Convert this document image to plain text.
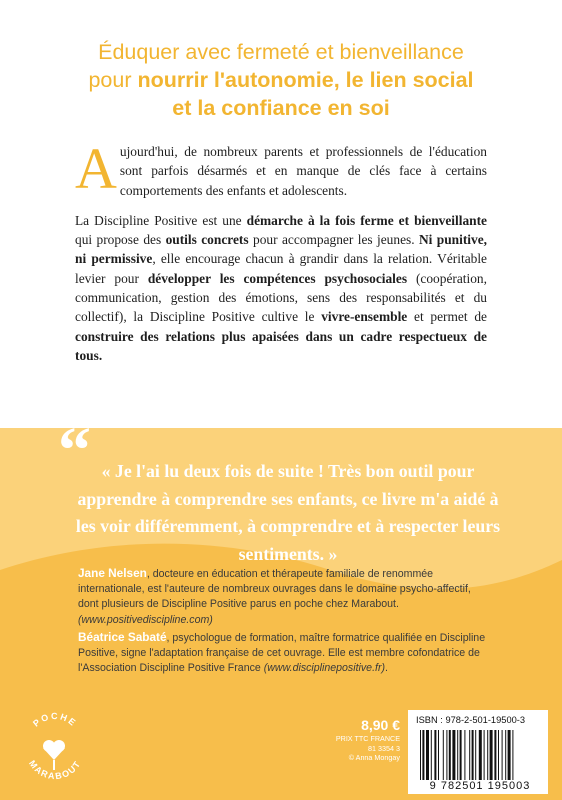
Éduquer avec fermeté et bienveillance
pour nourrir l'autonomie, le lien social
et la confiance en soi

Aujourd'hui, de nombreux parents et professionnels de l'éducation sont parfois désarmés et en manque de clés face à certains comportements des enfants et adolescents.

La Discipline Positive est une démarche à la fois ferme et bienveillante qui propose des outils concrets pour accompagner les jeunes. Ni punitive, ni permissive, elle encourage chacun à grandir dans la relation. Véritable levier pour développer les compétences psychosociales (coopération, communication, gestion des émotions, sens des responsabilités et du collectif), la Discipline Positive cultive le vivre-ensemble et permet de construire des relations plus apaisées dans un cadre respectueux de tous.

“ « Je l'ai lu deux fois de suite ! Très bon outil pour apprendre à comprendre ses enfants, ce livre m'a aidé à les voir différemment, à comprendre et à respecter leurs sentiments. »

Jane Nelsen, docteure en éducation et thérapeute familiale de renommée internationale, est l'auteure de nombreux ouvrages dans le domaine psycho-affectif, dont plusieurs de Discipline Positive parus en poche chez Marabout. (www.positivediscipline.com)

Béatrice Sabaté, psychologue de formation, maître formatrice qualifiée en Discipline Positive, signe l'adaptation française de cet ouvrage. Elle est membre cofondatrice de l'Association Discipline Positive France (www.disciplinepositive.fr).

POCHE
MARABOUT
8,90 €
PRIX TTC FRANCE
81 3354 3
© Anna Mongay
ISBN : 978-2-501-19500-3
9 782501 195003
